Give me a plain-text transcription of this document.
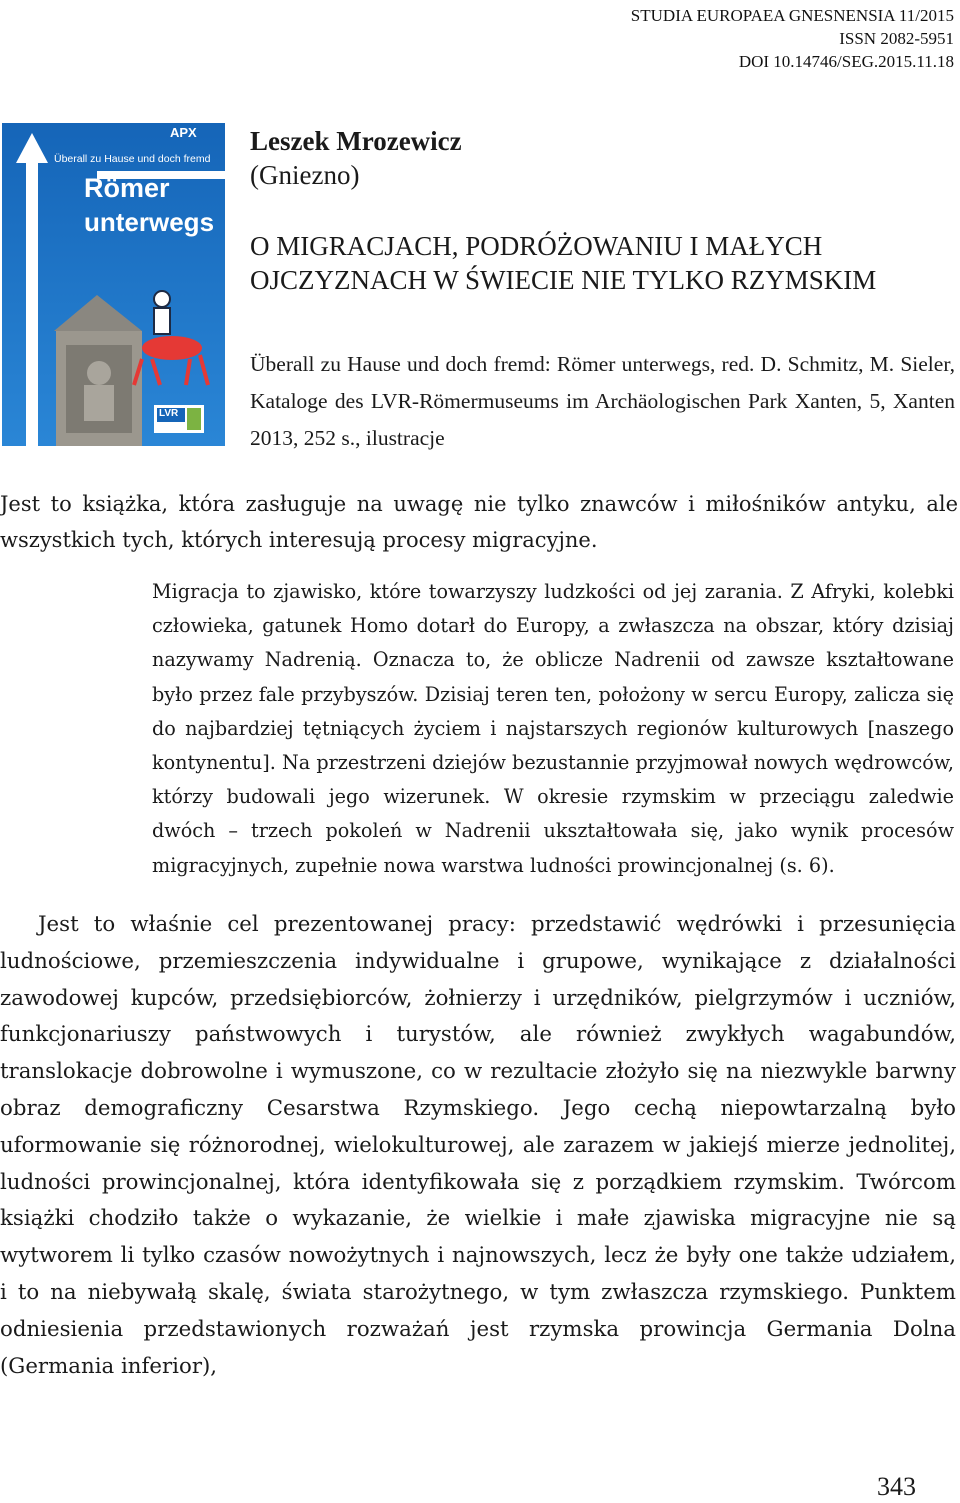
STUDIA EUROPAEA GNESNENSIA 11/2015
ISSN 2082-5951
DOI 10.14746/SEG.2015.11.18
APX
Überall zu Hause und doch fremd
Römer
unterwegs
LVR
Leszek Mrozewicz
(Gniezno)
O MIGRACJACH, PODRÓŻOWANIU I MAŁYCH OJCZYZNACH W ŚWIECIE NIE TYLKO RZYMSKIM
Überall zu Hause und doch fremd: Römer unterwegs, red. D. Schmitz, M. Sieler, Kataloge des LVR-Römermuseums im Archäologischen Park Xanten, 5, Xanten 2013, 252 s., ilustracje

Jest to książka, która zasługuje na uwagę nie tylko znawców i miłośników antyku, ale wszystkich tych, których interesują procesy migracyjne.

Migracja to zjawisko, które towarzyszy ludzkości od jej zarania. Z Afryki, kolebki człowieka, gatunek Homo dotarł do Europy, a zwłaszcza na obszar, który dzisiaj nazywamy Nadrenią. Oznacza to, że oblicze Nadrenii od zawsze kształtowane było przez fale przybyszów. Dzisiaj teren ten, położony w sercu Europy, zalicza się do najbardziej tętniących życiem i najstarszych regionów kulturowych [naszego kontynentu]. Na przestrzeni dziejów bezustannie przyjmował nowych wędrowców, którzy budowali jego wizerunek. W okresie rzymskim w przeciągu zaledwie dwóch – trzech pokoleń w Nadrenii ukształtowała się, jako wynik procesów migracyjnych, zupełnie nowa warstwa ludności prowincjonalnej (s. 6).

Jest to właśnie cel prezentowanej pracy: przedstawić wędrówki i przesunięcia ludnościowe, przemieszczenia indywidualne i grupowe, wynikające z działalności zawodowej kupców, przedsiębiorców, żołnierzy i urzędników, pielgrzymów i uczniów, funkcjonariuszy państwowych i turystów, ale również zwykłych wagabundów, translokacje dobrowolne i wymuszone, co w rezultacie złożyło się na niezwykle barwny obraz demograficzny Cesarstwa Rzymskiego. Jego cechą niepowtarzalną było uformowanie się różnorodnej, wielokulturowej, ale zarazem w jakiejś mierze jednolitej, ludności prowincjonalnej, która identyfikowała się z porządkiem rzymskim. Twórcom książki chodziło także o wykazanie, że wielkie i małe zjawiska migracyjne nie są wytworem li tylko czasów nowożytnych i najnowszych, lecz że były one także udziałem, i to na niebywałą skalę, świata starożytnego, w tym zwłaszcza rzymskiego. Punktem odniesienia przedstawionych rozważań jest rzymska prowincja Germania Dolna (Germania inferior),

343
